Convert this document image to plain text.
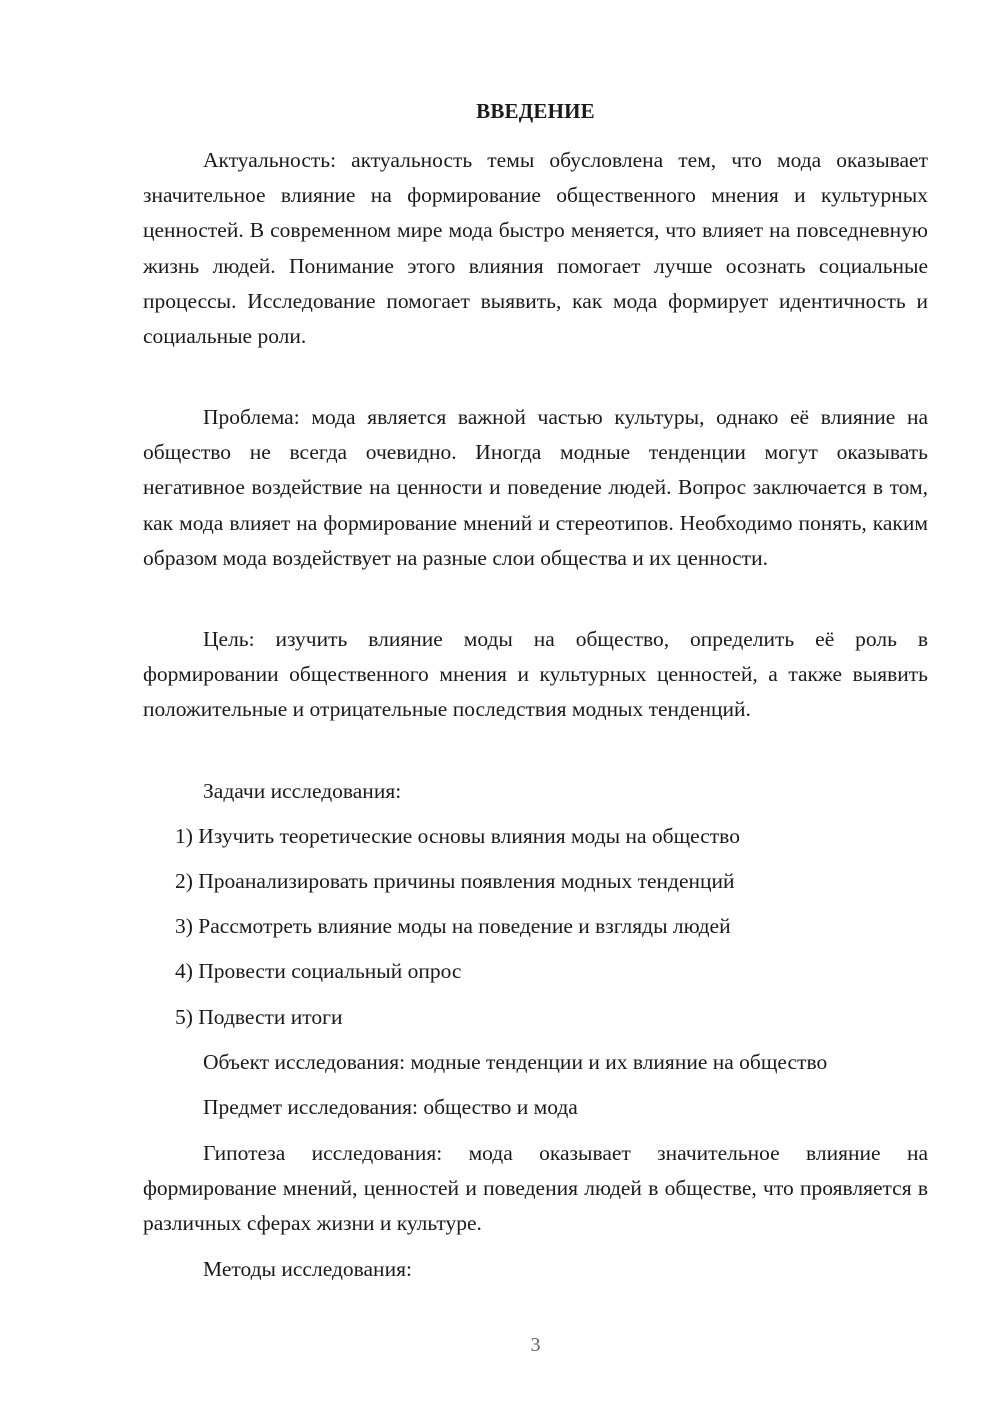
ВВЕДЕНИЕ

Актуальность: актуальность темы обусловлена тем, что мода оказывает значительное влияние на формирование общественного мнения и культурных ценностей. В современном мире мода быстро меняется, что влияет на повседневную жизнь людей. Понимание этого влияния помогает лучше осознать социальные процессы. Исследование помогает выявить, как мода формирует идентичность и социальные роли.

Проблема: мода является важной частью культуры, однако её влияние на общество не всегда очевидно. Иногда модные тенденции могут оказывать негативное воздействие на ценности и поведение людей. Вопрос заключается в том, как мода влияет на формирование мнений и стереотипов. Необходимо понять, каким образом мода воздействует на разные слои общества и их ценности.

Цель: изучить влияние моды на общество, определить её роль в формировании общественного мнения и культурных ценностей, а также выявить положительные и отрицательные последствия модных тенденций.

Задачи исследования:

1) Изучить теоретические основы влияния моды на общество

2) Проанализировать причины появления модных тенденций

3) Рассмотреть влияние моды на поведение и взгляды людей

4) Провести социальный опрос

5) Подвести итоги

Объект исследования: модные тенденции и их влияние на общество

Предмет исследования: общество и мода

Гипотеза исследования: мода оказывает значительное влияние на формирование мнений, ценностей и поведения людей в обществе, что проявляется в различных сферах жизни и культуре.

Методы исследования:

3
